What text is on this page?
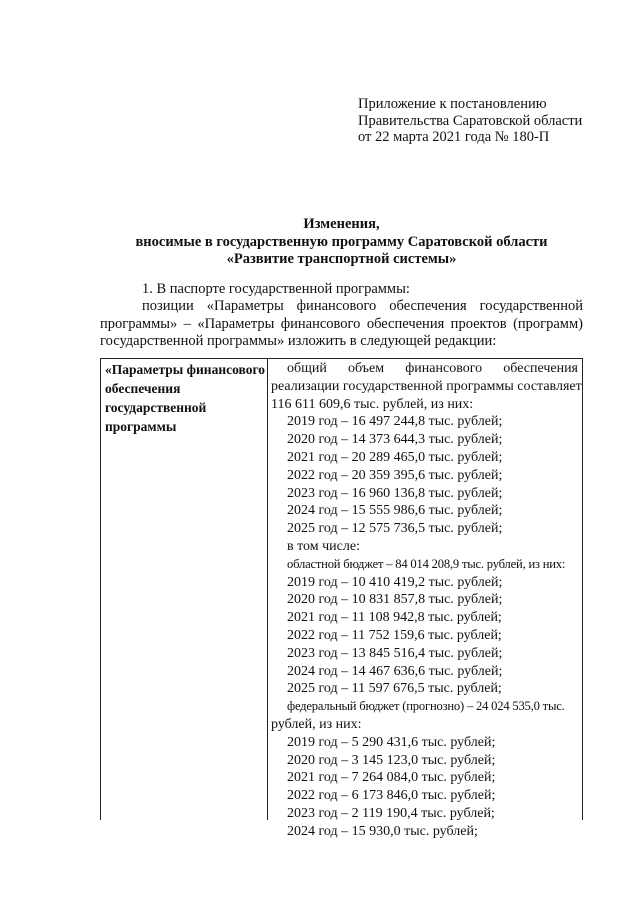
Приложение к постановлению
Правительства Саратовской области
от 22 марта 2021 года № 180-П
Изменения,
вносимые в государственную программу Саратовской области
«Развитие транспортной системы»
1. В паспорте государственной программы:
позиции «Параметры финансового обеспечения государственной программы» – «Параметры финансового обеспечения проектов (программ) государственной программы» изложить в следующей редакции:
«Параметры финансового
обеспечения
государственной
программы
общий объем финансового обеспечения
реализации государственной программы составляет
116 611 609,6 тыс. рублей, из них:
2019 год – 16 497 244,8 тыс. рублей;
2020 год – 14 373 644,3 тыс. рублей;
2021 год – 20 289 465,0 тыс. рублей;
2022 год – 20 359 395,6 тыс. рублей;
2023 год – 16 960 136,8 тыс. рублей;
2024 год – 15 555 986,6 тыс. рублей;
2025 год – 12 575 736,5 тыс. рублей;
в том числе:
областной бюджет – 84 014 208,9 тыс. рублей, из них:
2019 год – 10 410 419,2 тыс. рублей;
2020 год – 10 831 857,8 тыс. рублей;
2021 год – 11 108 942,8 тыс. рублей;
2022 год – 11 752 159,6 тыс. рублей;
2023 год – 13 845 516,4 тыс. рублей;
2024 год – 14 467 636,6 тыс. рублей;
2025 год – 11 597 676,5 тыс. рублей;
федеральный бюджет (прогнозно) – 24 024 535,0 тыс.
рублей, из них:
2019 год – 5 290 431,6 тыс. рублей;
2020 год – 3 145 123,0 тыс. рублей;
2021 год – 7 264 084,0 тыс. рублей;
2022 год – 6 173 846,0 тыс. рублей;
2023 год – 2 119 190,4 тыс. рублей;
2024 год – 15 930,0 тыс. рублей;
